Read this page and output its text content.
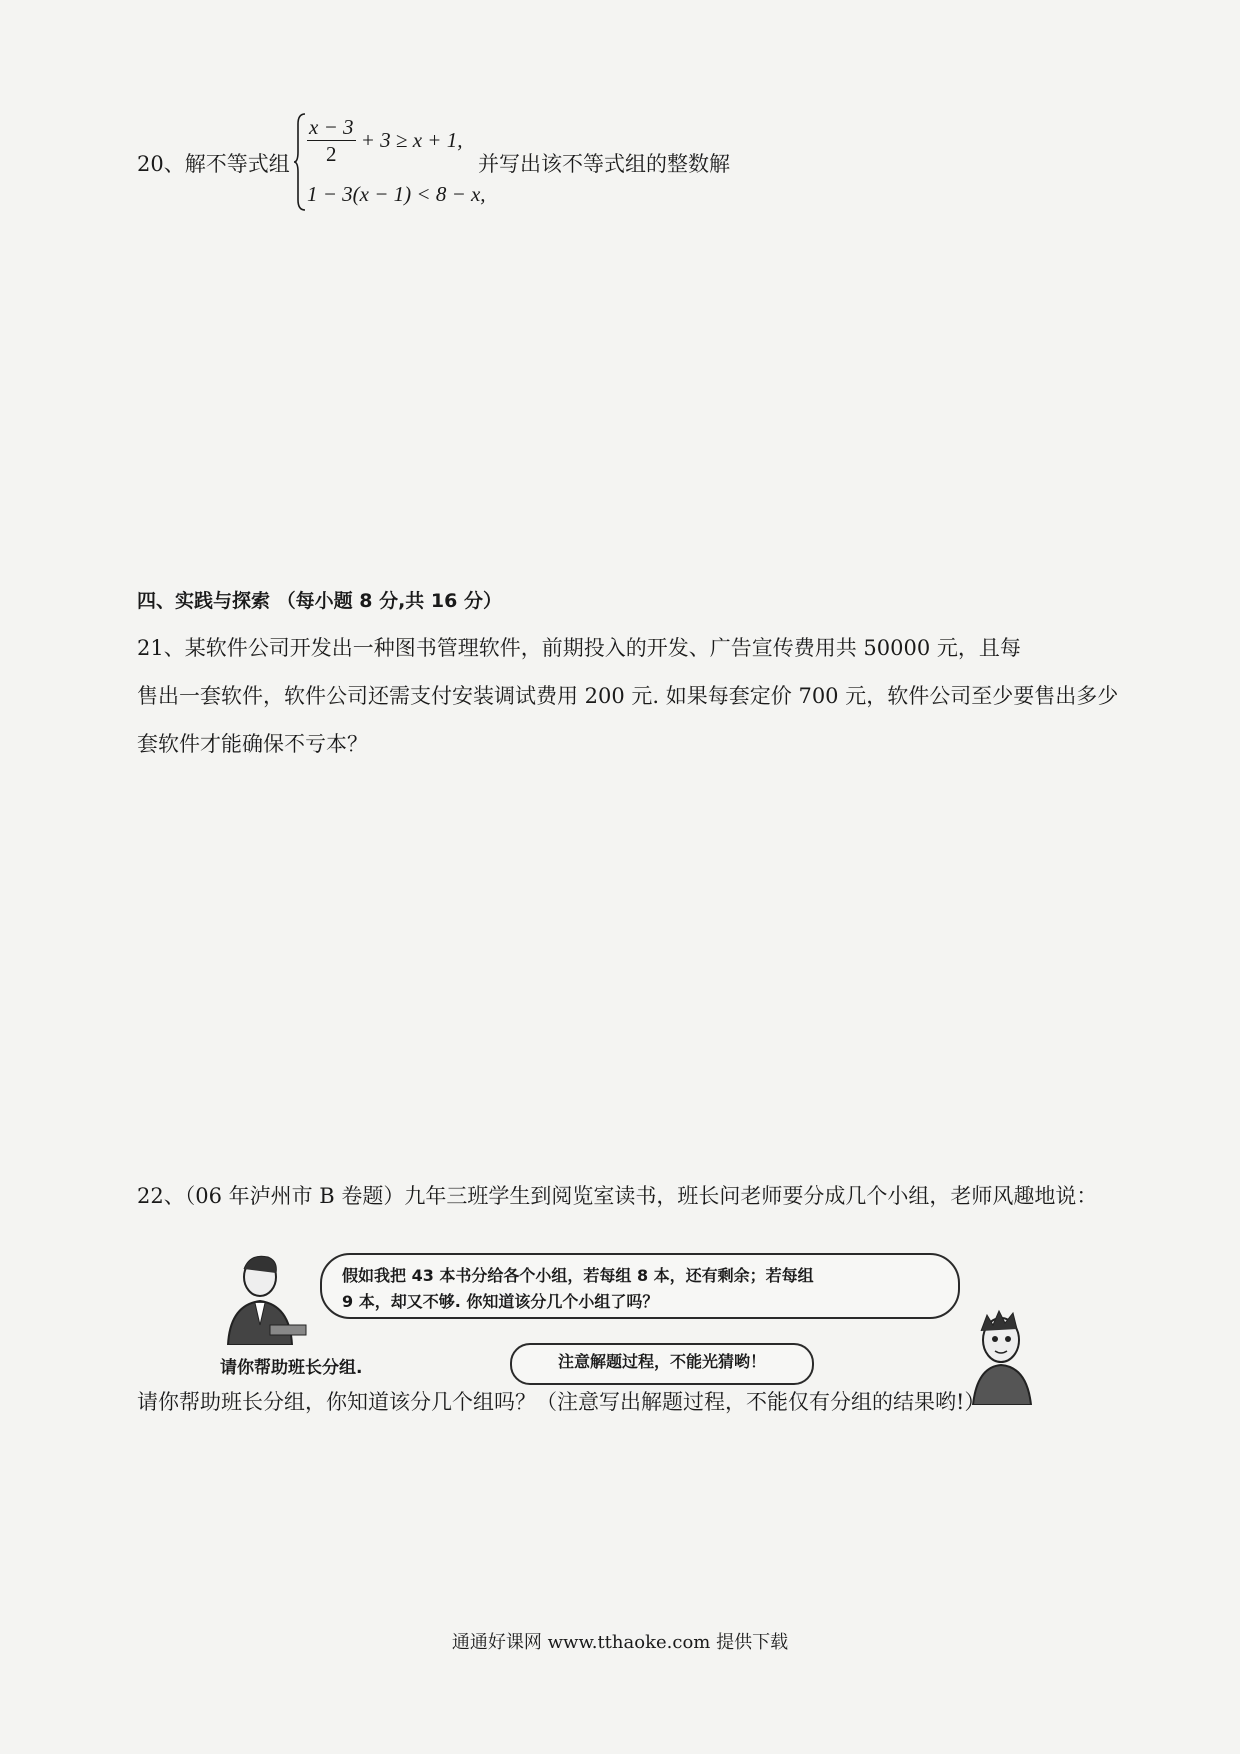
20、解不等式组 $\frac{x - 3}{2} + 3 \ge x + 1$,
1 − 3(x − 1) < 8 − x,
并写出该不等式组的整数解
四、实践与探索 （每小题 8 分,共 16 分）
21、某软件公司开发出一种图书管理软件，前期投入的开发、广告宣传费用共 50000 元，且每
售出一套软件，软件公司还需支付安装调试费用 200 元. 如果每套定价 700 元，软件公司至少要售出多少
套软件才能确保不亏本？
22、（06 年泸州市 B 卷题）九年三班学生到阅览室读书，班长问老师要分成几个小组，老师风趣地说：
假如我把 43 本书分给各个小组，若每组 8 本，还有剩余；若每组
9 本，却又不够. 你知道该分几个小组了吗？
请你帮助班长分组.	注意解题过程，不能光猜哟！
请你帮助班长分组，你知道该分几个组吗？（注意写出解题过程，不能仅有分组的结果哟!）
通通好课网 www.tthaoke.com 提供下载
